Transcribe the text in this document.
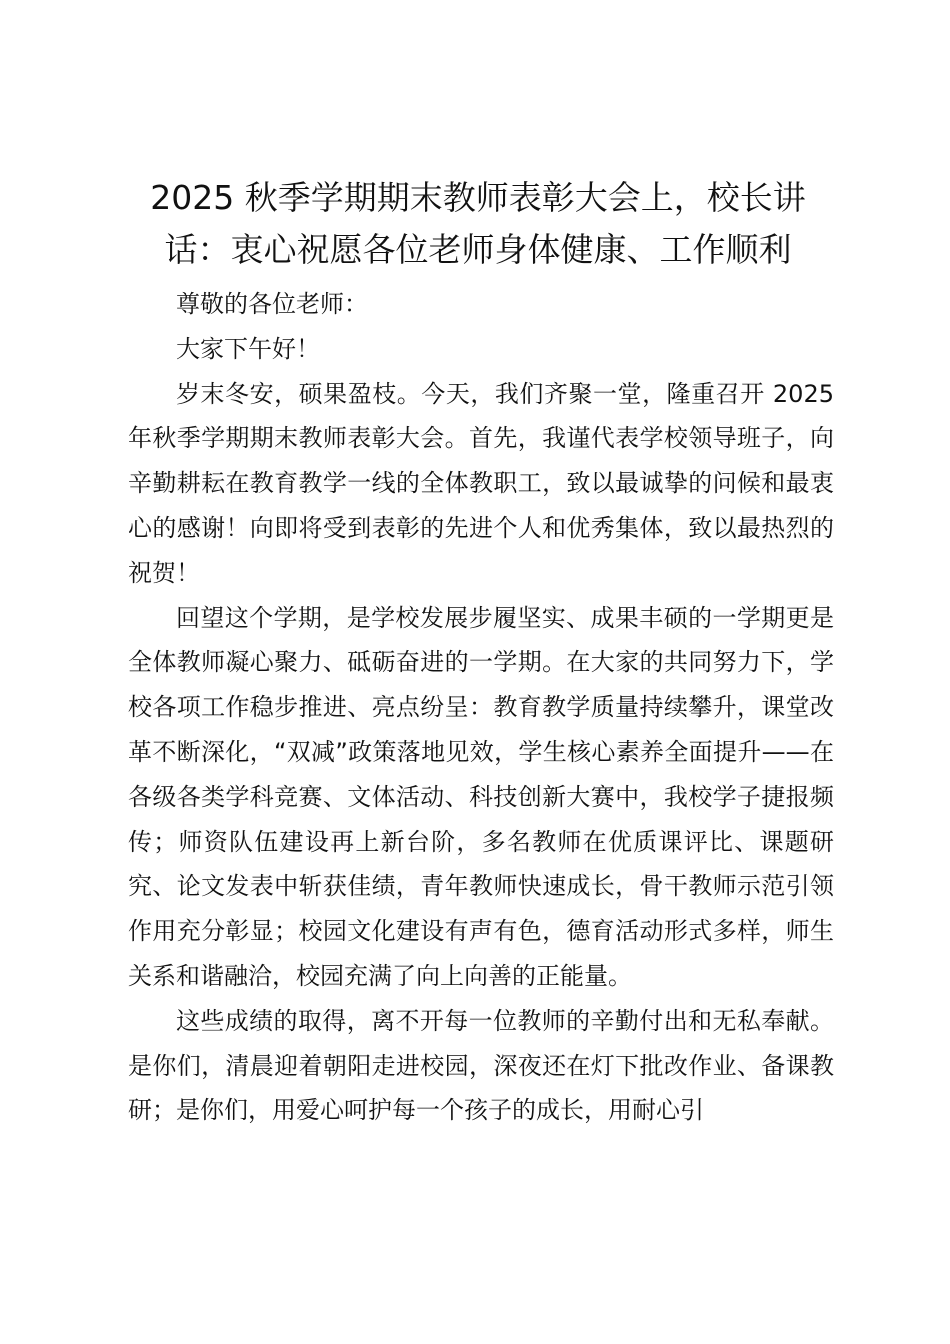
2025 秋季学期期末教师表彰大会上，校长讲话：衷心祝愿各位老师身体健康、工作顺利

尊敬的各位老师：

大家下午好！

岁末冬安，硕果盈枝。今天，我们齐聚一堂，隆重召开 2025 年秋季学期期末教师表彰大会。首先，我谨代表学校领导班子，向辛勤耕耘在教育教学一线的全体教职工，致以最诚挚的问候和最衷心的感谢！向即将受到表彰的先进个人和优秀集体，致以最热烈的祝贺！

回望这个学期，是学校发展步履坚实、成果丰硕的一学期更是全体教师凝心聚力、砥砺奋进的一学期。在大家的共同努力下，学校各项工作稳步推进、亮点纷呈：教育教学质量持续攀升，课堂改革不断深化，“双减”政策落地见效，学生核心素养全面提升——在各级各类学科竞赛、文体活动、科技创新大赛中，我校学子捷报频传；师资队伍建设再上新台阶，多名教师在优质课评比、课题研究、论文发表中斩获佳绩，青年教师快速成长，骨干教师示范引领作用充分彰显；校园文化建设有声有色，德育活动形式多样，师生关系和谐融洽，校园充满了向上向善的正能量。

这些成绩的取得，离不开每一位教师的辛勤付出和无私奉献。是你们，清晨迎着朝阳走进校园，深夜还在灯下批改作业、备课教研；是你们，用爱心呵护每一个孩子的成长，用耐心引
